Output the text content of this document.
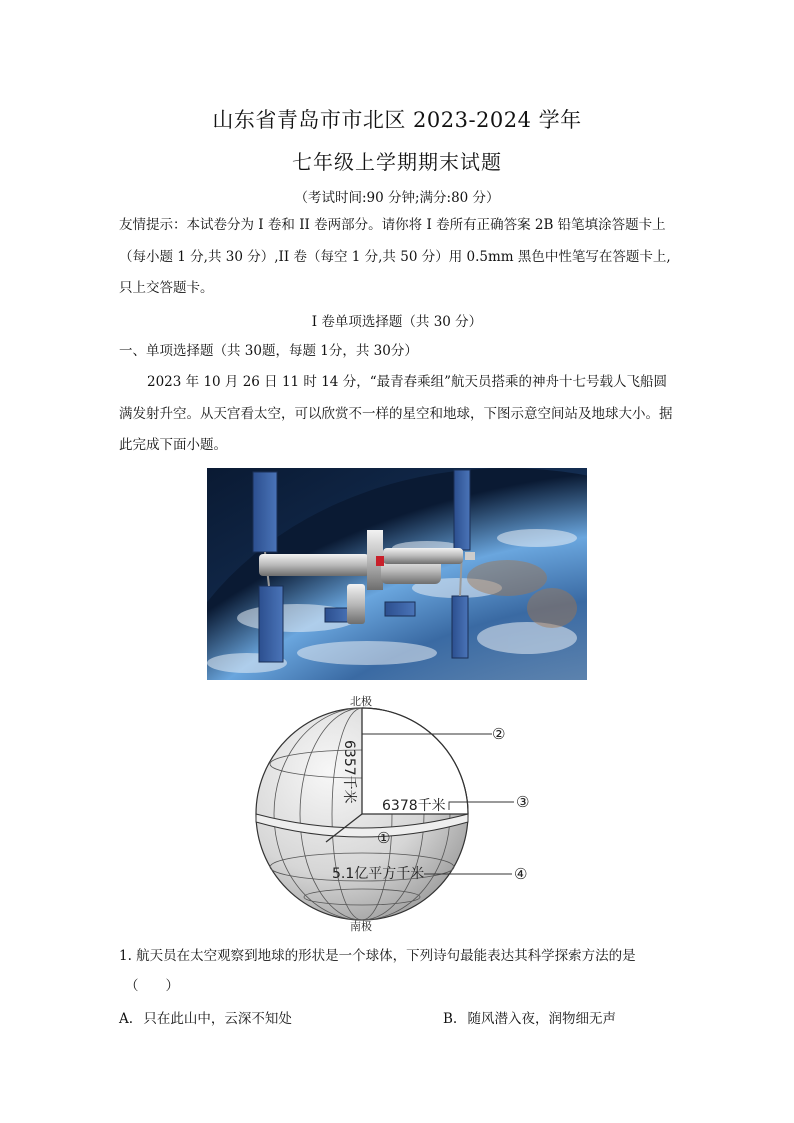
山东省青岛市市北区 2023-2024 学年
七年级上学期期末试题
（考试时间:90 分钟;满分:80 分）
友情提示：本试卷分为 I 卷和 II 卷两部分。请你将 I 卷所有正确答案 2B 铅笔填涂答题卡上（每小题 1 分,共 30 分）,II 卷（每空 1 分,共 50 分）用 0.5mm 黑色中性笔写在答题卡上,只上交答题卡。
I 卷单项选择题（共 30 分）
一、单项选择题（共 30题，每题 1分，共 30分）
2023 年 10 月 26 日 11 时 14 分，“最青春乘组”航天员搭乘的神舟十七号载人飞船圆满发射升空。从天宫看太空，可以欣赏不一样的星空和地球，下图示意空间站及地球大小。据此完成下面小题。
北极
南极
6357千米
6378千米
5.1亿平方千米
①
②
③
④
1. 航天员在太空观察到地球的形状是一个球体，下列诗句最能表达其科学探索方法的是
（　　）
A. 只在此山中，云深不知处	B. 随风潜入夜，润物细无声
